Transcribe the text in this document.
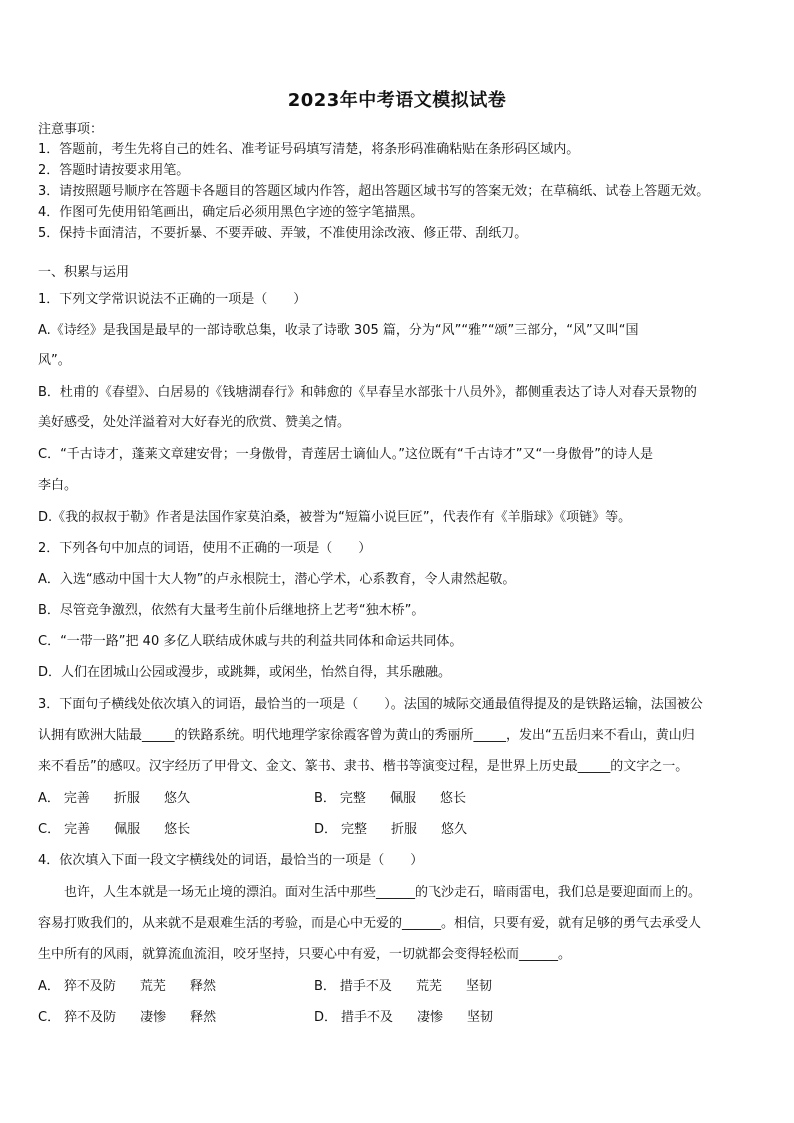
2023年中考语文模拟试卷
注意事项：
1．答题前，考生先将自己的姓名、准考证号码填写清楚，将条形码准确粘贴在条形码区域内。
2．答题时请按要求用笔。
3．请按照题号顺序在答题卡各题目的答题区域内作答，超出答题区域书写的答案无效；在草稿纸、试卷上答题无效。
4．作图可先使用铅笔画出，确定后必须用黑色字迹的签字笔描黑。
5．保持卡面清洁，不要折暴、不要弄破、弄皱，不准使用涂改液、修正带、刮纸刀。
一、积累与运用
1．下列文学常识说法不正确的一项是（　　）
A.《诗经》是我国是最早的一部诗歌总集，收录了诗歌 305 篇，分为“风”“雅”“颂”三部分，“风”又叫“国
风”。
B．杜甫的《春望》、白居易的《钱塘湖春行》和韩愈的《早春呈水部张十八员外》，都侧重表达了诗人对春天景物的
美好感受，处处洋溢着对大好春光的欣赏、赞美之情。
C．“千古诗才，蓬莱文章建安骨；一身傲骨，青莲居士谪仙人。”这位既有“千古诗才”又“一身傲骨”的诗人是
李白。
D.《我的叔叔于勒》作者是法国作家莫泊桑，被誉为“短篇小说巨匠”，代表作有《羊脂球》《项链》等。
2．下列各句中加点的词语，使用不正确的一项是（　　）
A．入选“感动中国十大人物”的卢永根院士，潜心学术，心系教育，令人肃然起敬。
B．尽管竞争激烈，依然有大量考生前仆后继地挤上艺考“独木桥”。
C．“一带一路”把 40 多亿人联结成休戚与共的利益共同体和命运共同体。
D．人们在团城山公园或漫步，或跳舞，或闲坐，怡然自得，其乐融融。
3．下面句子横线处依次填入的词语，最恰当的一项是（　　）。法国的城际交通最值得提及的是铁路运输，法国被公
认拥有欧洲大陆最_____的铁路系统。明代地理学家徐霞客曾为黄山的秀丽所_____，发出“五岳归来不看山，黄山归
来不看岳”的感叹。汉字经历了甲骨文、金文、篆书、隶书、楷书等演变过程，是世界上历史最_____的文字之一。
A． 完善 折服 悠久	B． 完整 佩服 悠长
C． 完善 佩服 悠长	D． 完整 折服 悠久
4．依次填入下面一段文字横线处的词语，最恰当的一项是（　　）
也许，人生本就是一场无止境的漂泊。面对生活中那些______的飞沙走石，暗雨雷电，我们总是要迎面而上的。
容易打败我们的，从来就不是艰难生活的考验，而是心中无爱的______。相信，只要有爱，就有足够的勇气去承受人
生中所有的风雨，就算流血流泪，咬牙坚持，只要心中有爱，一切就都会变得轻松而______。
A． 猝不及防 荒芜 释然	B． 措手不及 荒芜 坚韧
C． 猝不及防 凄惨 释然	D． 措手不及 凄惨 坚韧
